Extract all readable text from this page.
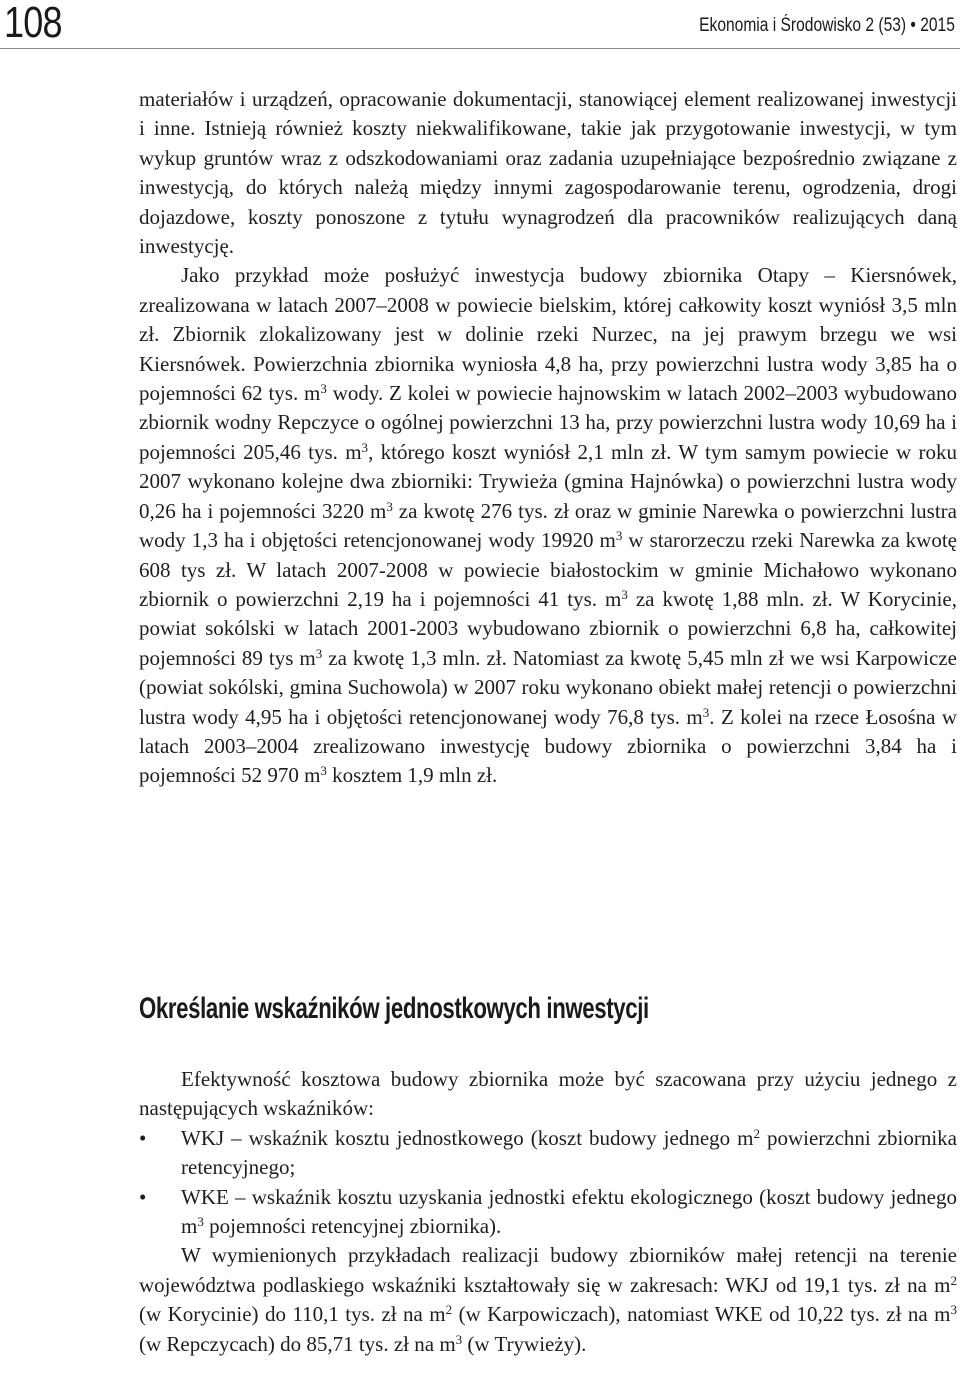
108	Ekonomia i Środowisko 2 (53) • 2015

materiałów i urządzeń, opracowanie dokumentacji, stanowiącej element realizowanej inwestycji i inne. Istnieją również koszty niekwalifikowane, takie jak przygotowanie inwestycji, w tym wykup gruntów wraz z odszkodowaniami oraz zadania uzupełniające bezpośrednio związane z inwestycją, do których należą między innymi zagospodarowanie terenu, ogrodzenia, drogi dojazdowe, koszty ponoszone z tytułu wynagrodzeń dla pracowników realizujących daną inwestycję.

Jako przykład może posłużyć inwestycja budowy zbiornika Otapy – Kiersnówek, zrealizowana w latach 2007–2008 w powiecie bielskim, której całkowity koszt wyniósł 3,5 mln zł. Zbiornik zlokalizowany jest w dolinie rzeki Nurzec, na jej prawym brzegu we wsi Kiersnówek. Powierzchnia zbiornika wyniosła 4,8 ha, przy powierzchni lustra wody 3,85 ha o pojemności 62 tys. $m^3$ wody. Z kolei w powiecie hajnowskim w latach 2002–2003 wybudowano zbiornik wodny Repczyce o ogólnej powierzchni 13 ha, przy powierzchni lustra wody 10,69 ha i pojemności 205,46 tys. $m^3$, którego koszt wyniósł 2,1 mln zł. W tym samym powiecie w roku 2007 wykonano kolejne dwa zbiorniki: Trywieża (gmina Hajnówka) o powierzchni lustra wody 0,26 ha i pojemności 3220 $m^3$ za kwotę 276 tys. zł oraz w gminie Narewka o powierzchni lustra wody 1,3 ha i objętości retencjonowanej wody 19920 $m^3$ w starorzeczu rzeki Narewka za kwotę 608 tys zł. W latach 2007-2008 w powiecie białostockim w gminie Michałowo wykonano zbiornik o powierzchni 2,19 ha i pojemności 41 tys. $m^3$ za kwotę 1,88 mln. zł. W Korycinie, powiat sokólski w latach 2001-2003 wybudowano zbiornik o powierzchni 6,8 ha, całkowitej pojemności 89 tys $m^3$ za kwotę 1,3 mln. zł. Natomiast za kwotę 5,45 mln zł we wsi Karpowicze (powiat sokólski, gmina Suchowola) w 2007 roku wykonano obiekt małej retencji o powierzchni lustra wody 4,95 ha i objętości retencjonowanej wody 76,8 tys. $m^3$. Z kolei na rzece Łosośna w latach 2003–2004 zrealizowano inwestycję budowy zbiornika o powierzchni 3,84 ha i pojemności 52 970 $m^3$ kosztem 1,9 mln zł.

Określanie wskaźników jednostkowych inwestycji

Efektywność kosztowa budowy zbiornika może być szacowana przy użyciu jednego z następujących wskaźników:

• WKJ – wskaźnik kosztu jednostkowego (koszt budowy jednego $m^2$ powierzchni zbiornika retencyjnego;
• WKE – wskaźnik kosztu uzyskania jednostki efektu ekologicznego (koszt budowy jednego $m^3$ pojemności retencyjnej zbiornika).

W wymienionych przykładach realizacji budowy zbiorników małej retencji na terenie województwa podlaskiego wskaźniki kształtowały się w zakresach: WKJ od 19,1 tys. zł na $m^2$ (w Korycinie) do 110,1 tys. zł na $m^2$ (w Karpowiczach), natomiast WKE od 10,22 tys. zł na $m^3$ (w Repczycach) do 85,71 tys. zł na $m^3$ (w Trywieży).
